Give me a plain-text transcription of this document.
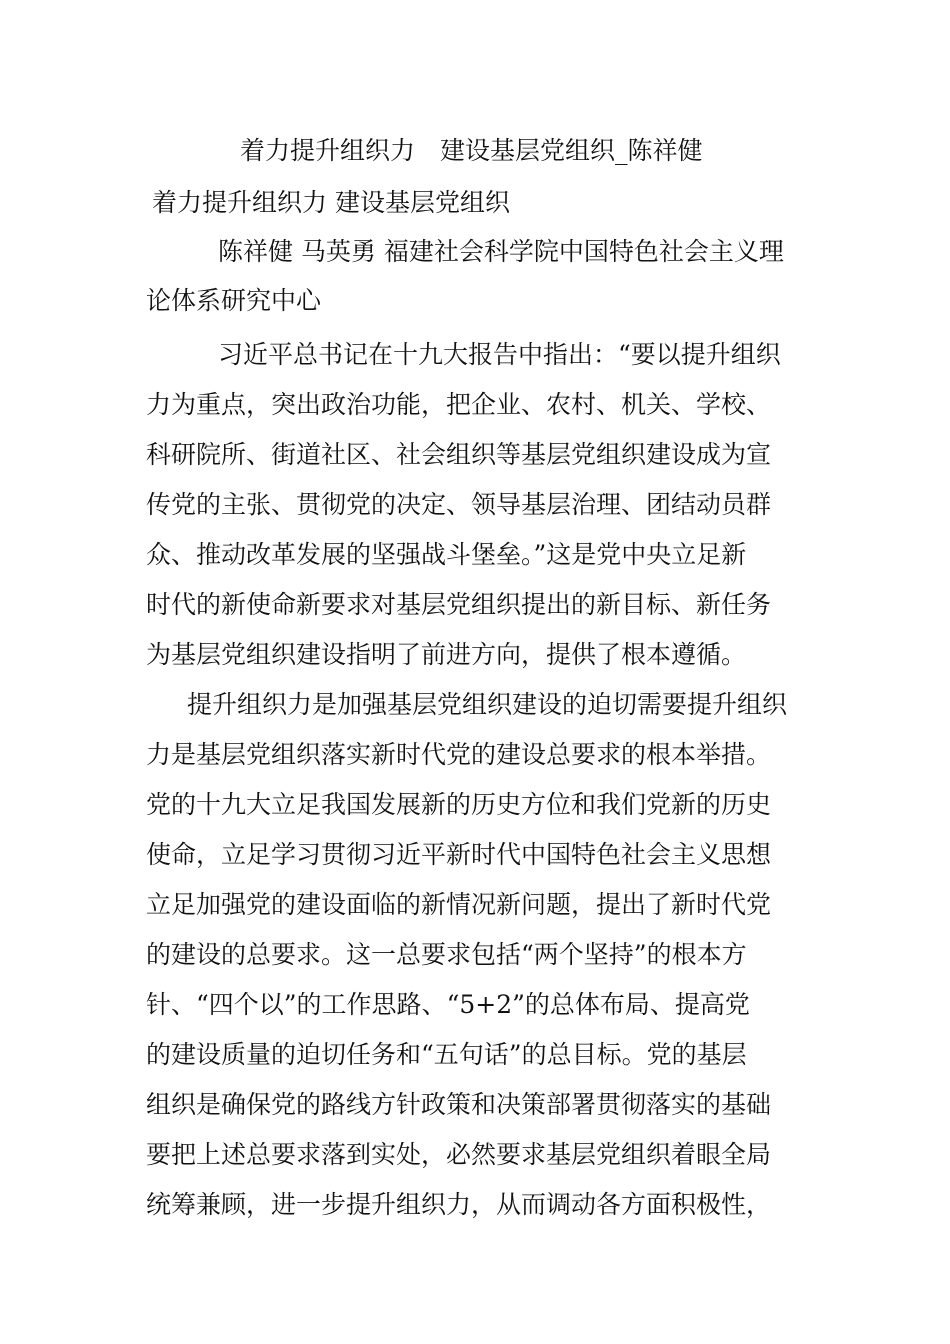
着力提升组织力　建设基层党组织_陈祥健
着力提升组织力 建设基层党组织
陈祥健 马英勇 福建社会科学院中国特色社会主义理
论体系研究中心
习近平总书记在十九大报告中指出：“要以提升组织
力为重点，突出政治功能，把企业、农村、机关、学校、
科研院所、街道社区、社会组织等基层党组织建设成为宣
传党的主张、贯彻党的决定、领导基层治理、团结动员群
众、推动改革发展的坚强战斗堡垒。”这是党中央立足新
时代的新使命新要求对基层党组织提出的新目标、新任务
为基层党组织建设指明了前进方向，提供了根本遵循。
提升组织力是加强基层党组织建设的迫切需要提升组织
力是基层党组织落实新时代党的建设总要求的根本举措。
党的十九大立足我国发展新的历史方位和我们党新的历史
使命，立足学习贯彻习近平新时代中国特色社会主义思想
立足加强党的建设面临的新情况新问题，提出了新时代党
的建设的总要求。这一总要求包括“两个坚持”的根本方
针、“四个以”的工作思路、“5+2”的总体布局、提高党
的建设质量的迫切任务和“五句话”的总目标。党的基层
组织是确保党的路线方针政策和决策部署贯彻落实的基础
要把上述总要求落到实处，必然要求基层党组织着眼全局
统筹兼顾，进一步提升组织力，从而调动各方面积极性，
